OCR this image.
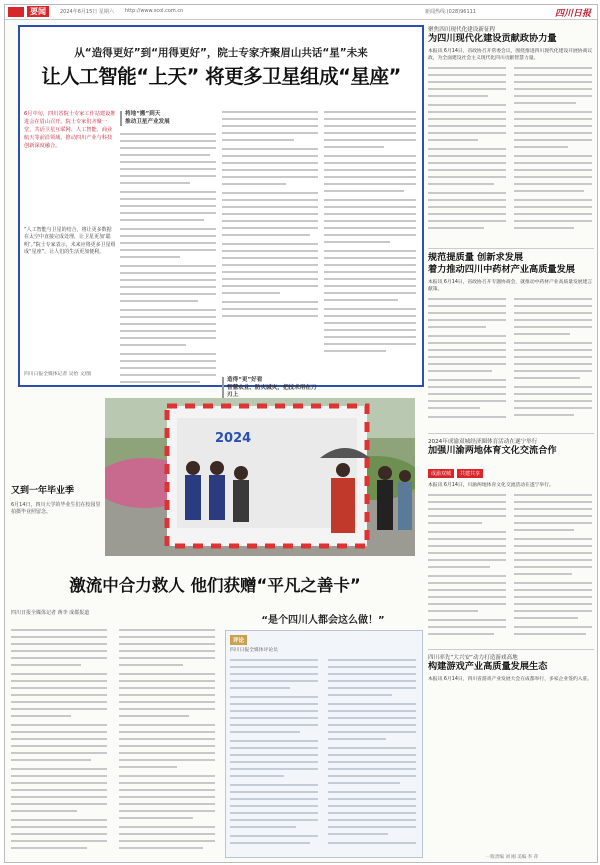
要闻	2024年6月15日 星期六 http://www.scol.com.cn	新闻热线:(028)96111	四川日报
从“造得更好”到“用得更好”，院士专家齐聚眉山共话“星”未来
让人工智能“上天” 将更多卫星组成“星座”
6月中旬，四川省院士专家工作站建设推进会在眉山召开。院士专家们齐聚一堂，共话卫星互联网、人工智能、商业航天等前沿领域，推动四川产业与科技创新深度融合。
“人工智能与卫星的结合，将让更多数据在太空中直接完成处理，让卫星更加‘聪明’。”院士专家表示，未来应将更多卫星组成“星座”，让人们的生活更加便利。
四川日报全媒体记者 吴怡 文/图
将地“搬”到天
推动卫星产业发展
造得“更”好看
智慧农业、防灾减灾，把技术用在刀刃上
2024
又到一年毕业季
6月14日，四川大学的毕业生们在校园里拍摄毕业照留念。
激流中合力救人 他们获赠“平凡之善卡”
四川日报全媒体记者 蒋李 成都报道
“是个四川人都会这么做！”
评论
四川日报全媒体评论员
聚焦四川现代化建设新征程
为四川现代化建设贡献政协力量
本报讯 6月14日，省政协召开常委会议，围绕推进四川现代化建设开展协商议政，为全面建设社会主义现代化四川贡献智慧力量。
规范提质量 创新求发展
着力推动四川中药材产业高质量发展
本报讯 6月14日，省政协召开专题协商会，就推动中药材产业高质量发展建言献策。
2024年成渝双城经济圈体育活动在遂宁举行
加强川渝两地体育文化交流合作
成渝双城 共建共享
本报讯 6月14日，川渝两地体育文化交流活动在遂宁举行。
四川率先“大兴安”动力打造游戏高地
构建游戏产业高质量发展生态
本报讯 6月14日，四川省游戏产业发展大会在成都举行，多家企业签约入驻。
一版责编 刘 刚 美编 李 萍
